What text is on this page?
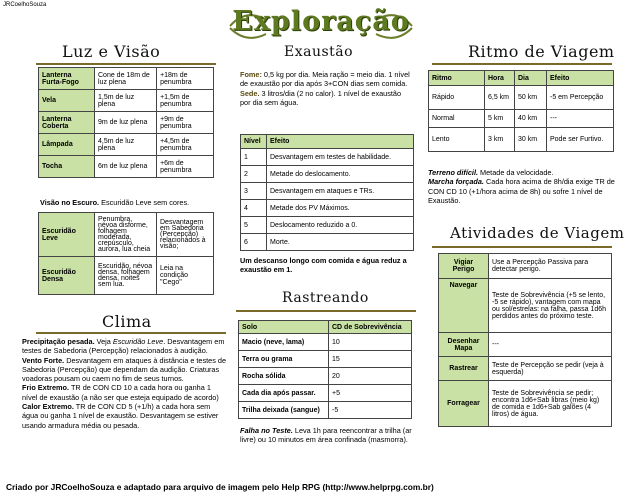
JRCoelhoSouza
Exploração
Luz e Visão
Lanterna Furta-Fogo	Cone de 18m de luz plena	+18m de penumbra
Vela	1,5m de luz plena	+1,5m de penumbra
Lanterna Coberta	9m de luz plena	+9m de penumbra
Lâmpada	4,5m de luz plena	+4,5m de penumbra
Tocha	6m de luz plena	+6m de penumbra
Visão no Escuro. Escuridão Leve sem cores.
Escuridão Leve	Penumbra, névoa disforme, folhagem moderada, crepúsculo, aurora, lua cheia	Desvantagem em Sabedoria (Percepção) relacionados à visão;
Escuridão Densa	Escuridão, névoa densa, folhagem densa, noites sem lua.	Leia na condição "Cego"
Clima
Precipitação pesada. Veja Escuridão Leve. Desvantagem em testes de Sabedoria (Percepção) relacionados à audição.
Vento Forte. Desvantagem em ataques à distância e testes de Sabedoria (Percepção) que dependam da audição. Criaturas voadoras pousam ou caem no fim de seus turnos.
Frio Extremo. TR de CON CD 10 a cada hora ou ganha 1 nível de exaustão (a não ser que esteja equipado de acordo)
Calor Extremo. TR de CON CD 5 (+1/h) a cada hora sem água ou ganha 1 nível de exaustão. Desvantagem se estiver usando armadura média ou pesada.
Exaustão
Fome: 0,5 kg por dia. Meia ração = meio dia. 1 nível de exaustão por dia após 3+CON dias sem comida.
Sede. 3 litros/dia (2 no calor). 1 nível de exaustão por dia sem água.
Nível	Efeito
1	Desvantagem em testes de habilidade.
2	Metade do deslocamento.
3	Desvantagem em ataques e TRs.
4	Metade dos PV Máximos.
5	Deslocamento reduzido a 0.
6	Morte.
Um descanso longo com comida e água reduz a exaustão em 1.
Rastreando
Solo	CD de Sobrevivência
Macio (neve, lama)	10
Terra ou grama	15
Rocha sólida	20
Cada dia após passar.	+5
Trilha deixada (sangue)	-5
Falha no Teste. Leva 1h para reencontrar a trilha (ar livre) ou 10 minutos em área confinada (masmorra).
Ritmo de Viagem
Ritmo	Hora	Dia	Efeito
Rápido	6,5 km	50 km	-5 em Percepção
Normal	5 km	40 km	---
Lento	3 km	30 km	Pode ser Furtivo.
Terreno difícil. Metade da velocidade.
Marcha forçada. Cada hora acima de 8h/dia exige TR de CON CD 10 (+1/hora acima de 8h) ou sofre 1 nível de Exaustão.
Atividades de Viagem
Vigiar Perigo	Use a Percepção Passiva para detectar perigo.
Navegar	Teste de Sobrevivência (+5 se lento, -5 se rápido), vantagem com mapa ou sol/estrelas: na falha, passa 1d6h perdidos antes do próximo teste.
Desenhar Mapa	---
Rastrear	Teste de Percepção se pedir (veja à esquerda)
Forragear	Teste de Sobrevivência se pedir; encontra 1d6+Sab libras (meio kg) de comida e 1d6+Sab galões (4 litros) de água.
Criado por JRCoelhoSouza e adaptado para arquivo de imagem pelo Help RPG (http://www.helprpg.com.br)
